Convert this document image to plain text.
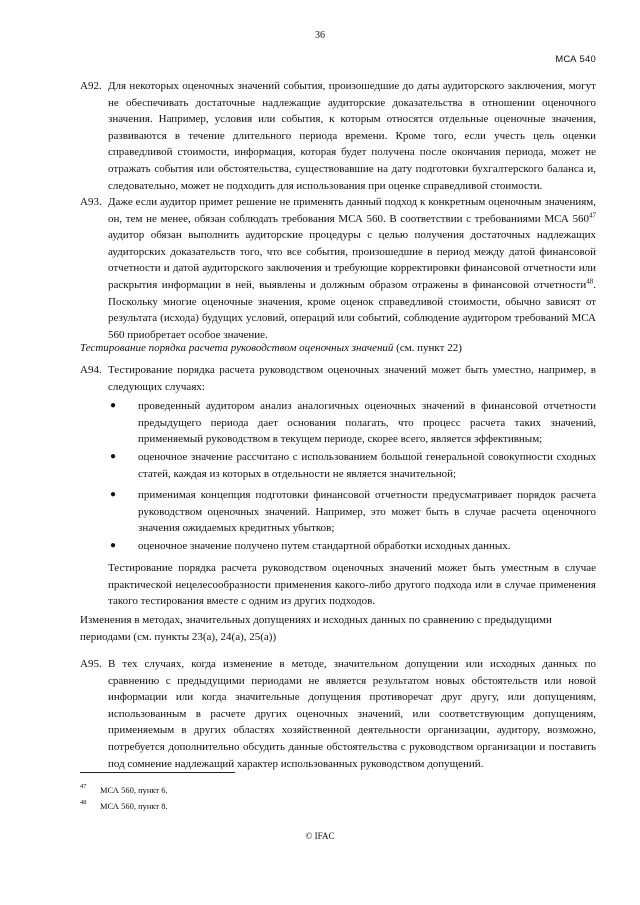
36
МСА 540
А92. Для некоторых оценочных значений события, произошедшие до даты аудиторского заключения, могут не обеспечивать достаточные надлежащие аудиторские доказательства в отношении оценочного значения. Например, условия или события, к которым относятся отдельные оценочные значения, развиваются в течение длительного периода времени. Кроме того, если учесть цель оценки справедливой стоимости, информация, которая будет получена после окончания периода, может не отражать события или обстоятельства, существовавшие на дату подготовки бухгалтерского баланса и, следовательно, может не подходить для использования при оценке справедливой стоимости.
А93. Даже если аудитор примет решение не применять данный подход к конкретным оценочным значениям, он, тем не менее, обязан соблюдать требования МСА 560. В соответствии с требованиями МСА $560^{47}$ аудитор обязан выполнить аудиторские процедуры с целью получения достаточных надлежащих аудиторских доказательств того, что все события, произошедшие в период между датой финансовой отчетности и датой аудиторского заключения и требующие корректировки финансовой отчетности или раскрытия информации в ней, выявлены и должным образом отражены в финансовой отчетности$^{48}$. Поскольку многие оценочные значения, кроме оценок справедливой стоимости, обычно зависят от результата (исхода) будущих условий, операций или событий, соблюдение аудитором требований МСА 560 приобретает особое значение.
Тестирование порядка расчета руководством оценочных значений (см. пункт 22)
А94. Тестирование порядка расчета руководством оценочных значений может быть уместно, например, в следующих случаях:
● проведенный аудитором анализ аналогичных оценочных значений в финансовой отчетности предыдущего периода дает основания полагать, что процесс расчета таких значений, применяемый руководством в текущем периоде, скорее всего, является эффективным;
● оценочное значение рассчитано с использованием большой генеральной совокупности сходных статей, каждая из которых в отдельности не является значительной;
● применимая концепция подготовки финансовой отчетности предусматривает порядок расчета руководством оценочных значений. Например, это может быть в случае расчета оценочного значения ожидаемых кредитных убытков;
● оценочное значение получено путем стандартной обработки исходных данных.
Тестирование порядка расчета руководством оценочных значений может быть уместным в случае практической нецелесообразности применения какого-либо другого подхода или в случае применения такого тестирования вместе с одним из других подходов.
Изменения в методах, значительных допущениях и исходных данных по сравнению с предыдущими периодами (см. пункты 23(a), 24(a), 25(a))
А95. В тех случаях, когда изменение в методе, значительном допущении или исходных данных по сравнению с предыдущими периодами не является результатом новых обстоятельств или новой информации или когда значительные допущения противоречат друг другу, или допущениям, использованным в расчете других оценочных значений, или соответствующим допущениям, применяемым в других областях хозяйственной деятельности организации, аудитору, возможно, потребуется дополнительно обсудить данные обстоятельства с руководством организации и поставить под сомнение надлежащий характер использованных руководством допущений.
47 МСА 560, пункт 6.
48 МСА 560, пункт 8.
© IFAC
